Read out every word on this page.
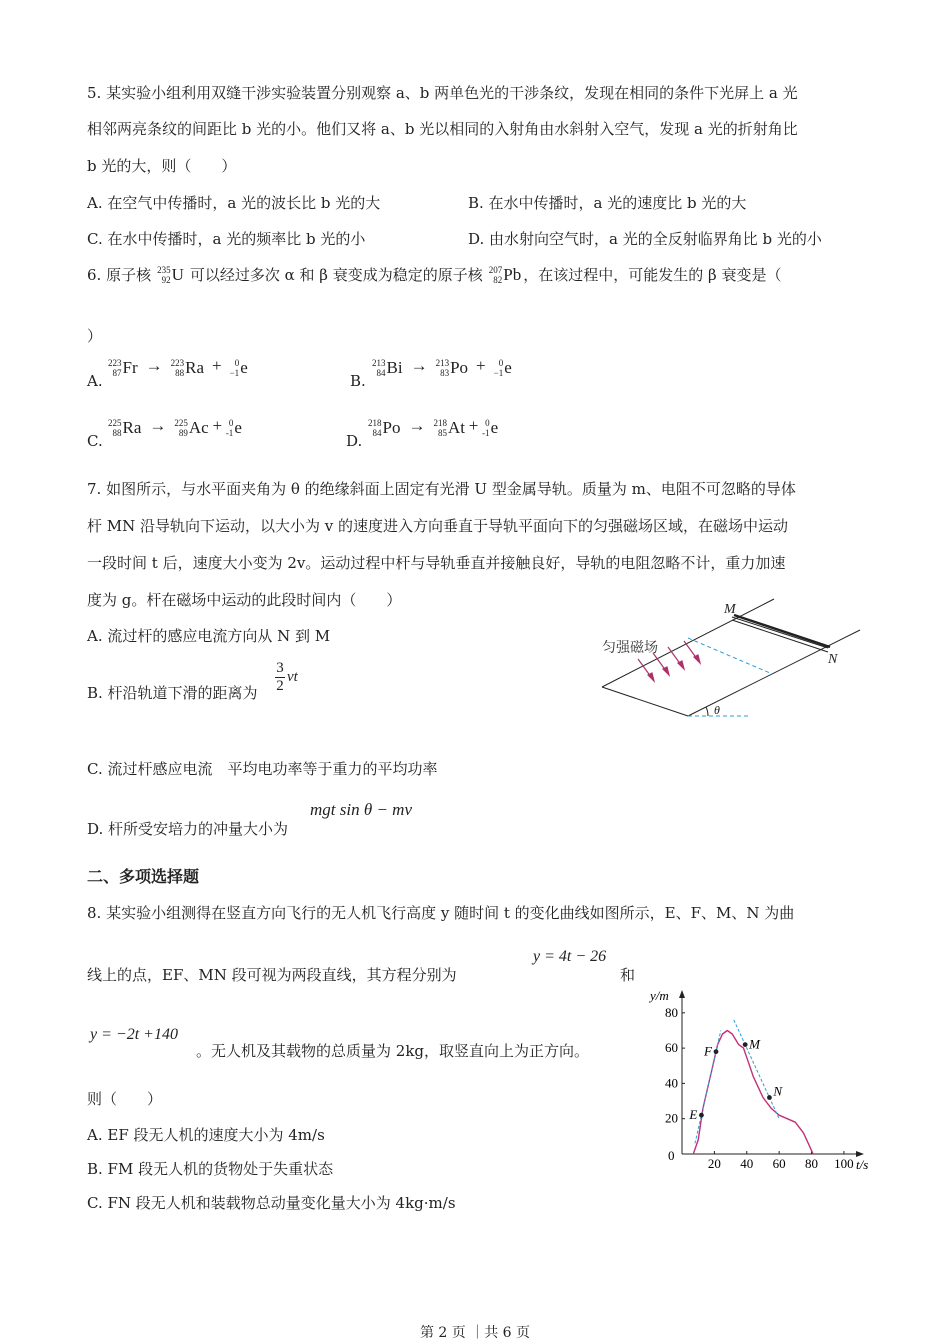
5. 某实验小组利用双缝干涉实验装置分别观察 a、b 两单色光的干涉条纹，发现在相同的条件下光屏上 a 光
相邻两亮条纹的间距比 b 光的小。他们又将 a、b 光以相同的入射角由水斜射入空气，发现 a 光的折射角比
b 光的大，则（　　）
A. 在空气中传播时，a 光的波长比 b 光的大	B. 在水中传播时，a 光的速度比 b 光的大
C. 在水中传播时，a 光的频率比 b 光的小	D. 由水射向空气时，a 光的全反射临界角比 b 光的小
6. 原子核 235
92 U 可以经过多次 α 和 β 衰变成为稳定的原子核 207
82 Pb ，在该过程中，可能发生的 β 衰变是（
）
A.
223
87 Fr → 223
88 Ra + 0
−1 e
B.
213
84 Bi → 213
83 Po + 0
−1 e
C.
225
88 Ra → 225
89 Ac + 0
-1 e
D.
218
84 Po → 218
85 At + 0
-1 e
7. 如图所示，与水平面夹角为 θ 的绝缘斜面上固定有光滑 U 型金属导轨。质量为 m、电阻不可忽略的导体
杆 MN 沿导轨向下运动，以大小为 v 的速度进入方向垂直于导轨平面向下的匀强磁场区域，在磁场中运动
一段时间 t 后，速度大小变为 2v。运动过程中杆与导轨垂直并接触良好，导轨的电阻忽略不计，重力加速
度为 g。杆在磁场中运动的此段时间内（　　）
A. 流过杆的感应电流方向从 N 到 M
B. 杆沿轨道下滑的距离为 $\frac{3}{2}$ vt
C. 流过杆感应电流　平均电功率等于重力的平均功率
D. 杆所受安培力的冲量大小为
mgt sin θ − mv
匀强磁场
M
N
θ
二、多项选择题
8. 某实验小组测得在竖直方向飞行的无人机飞行高度 y 随时间 t 的变化曲线如图所示，E、F、M、N 为曲
线上的点，EF、MN 段可视为两段直线，其方程分别为
y = 4t − 26
和
y = −2t +140
。无人机及其载物的总质量为 2kg，取竖直向上为正方向。
则（　　）
A. EF 段无人机的速度大小为 4m/s
B. FM 段无人机的货物处于失重状态
C. FN 段无人机和装载物总动量变化量大小为 4kg·m/s
0
20 40 60 80 100
20
40
60
80
t/s
y/m
E
F	M
N
第 2 页 ｜共 6 页
